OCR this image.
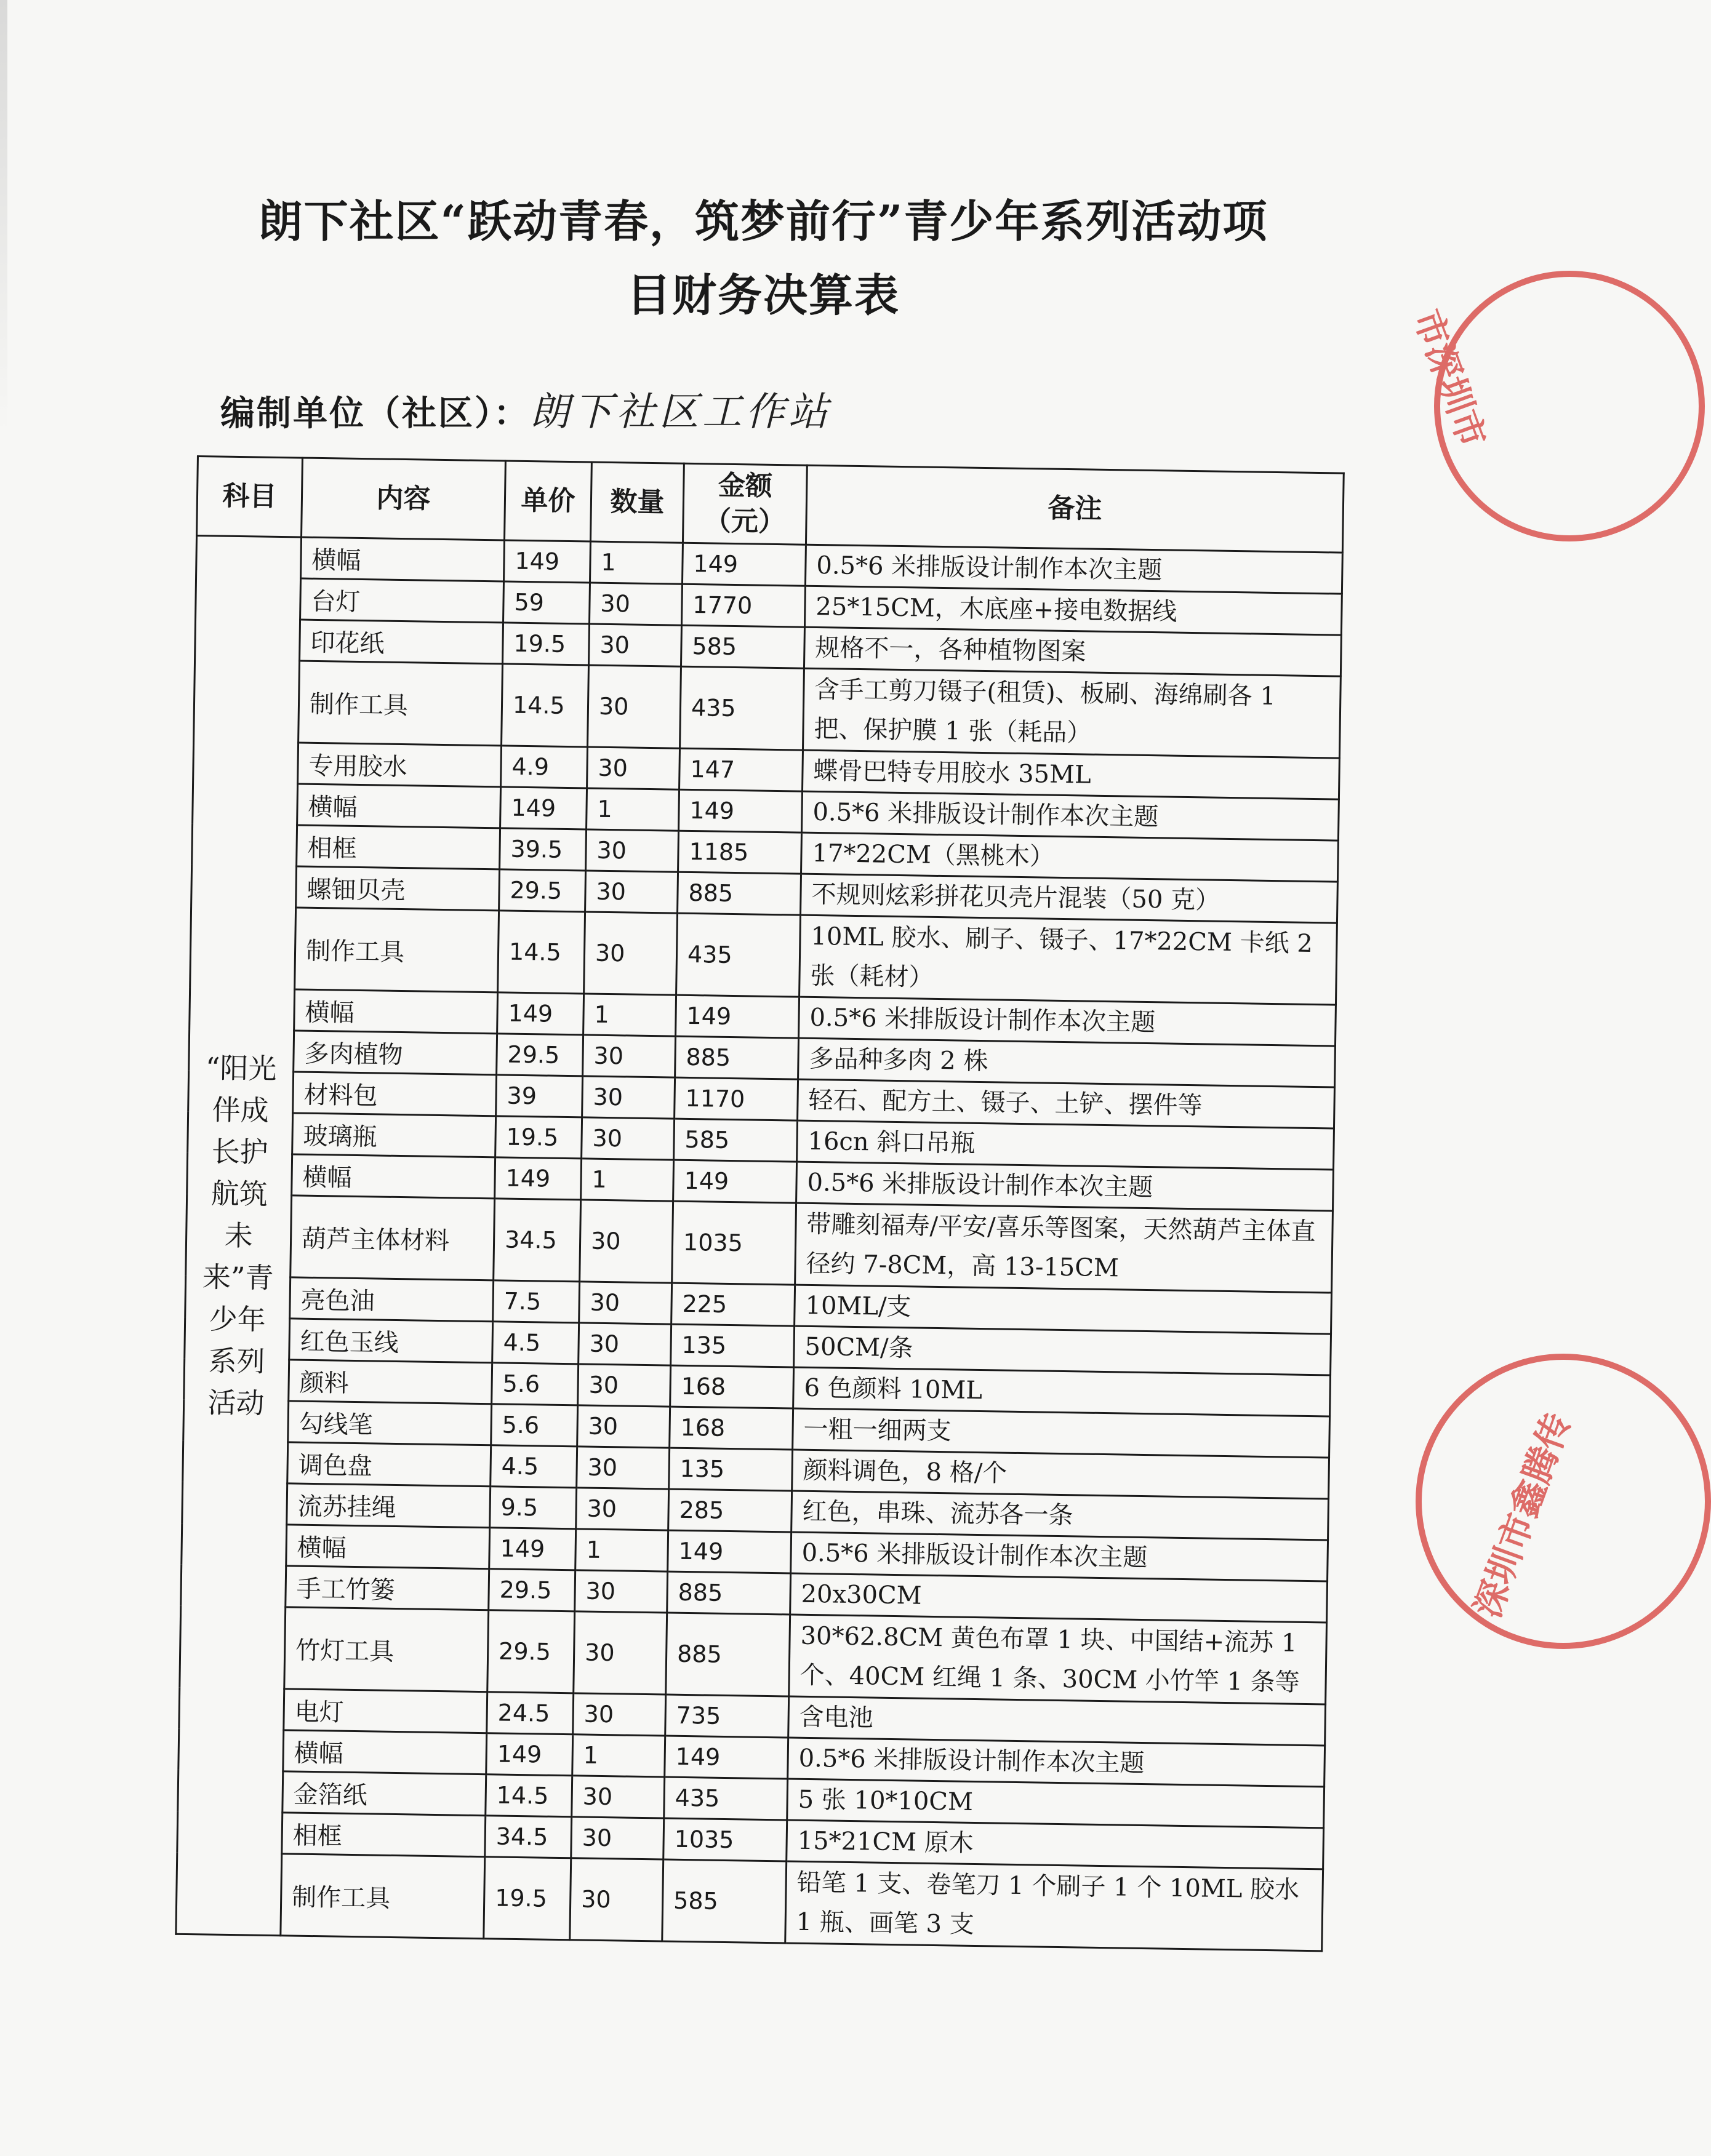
朗下社区“跃动青春，筑梦前行”青少年系列活动项
目财务决算表
编制单位（社区）：朗下社区工作站
科目	内容	单价	数量	金额（元）	备注
“阳光伴成长护航筑未来”青少年系列活动	横幅	149	1	149	0.5*6 米排版设计制作本次主题
	台灯	59	30	1770	25*15CM，木底座+接电数据线
	印花纸	19.5	30	585	规格不一，各种植物图案
	制作工具	14.5	30	435	含手工剪刀镊子(租赁)、板刷、海绵刷各 1 把、保护膜 1 张（耗品）
	专用胶水	4.9	30	147	蝶骨巴特专用胶水 35ML
	横幅	149	1	149	0.5*6 米排版设计制作本次主题
	相框	39.5	30	1185	17*22CM（黑桃木）
	螺钿贝壳	29.5	30	885	不规则炫彩拼花贝壳片混装（50 克）
	制作工具	14.5	30	435	10ML 胶水、刷子、镊子、17*22CM 卡纸 2 张（耗材）
	横幅	149	1	149	0.5*6 米排版设计制作本次主题
	多肉植物	29.5	30	885	多品种多肉 2 株
	材料包	39	30	1170	轻石、配方土、镊子、土铲、摆件等
	玻璃瓶	19.5	30	585	16cn 斜口吊瓶
	横幅	149	1	149	0.5*6 米排版设计制作本次主题
	葫芦主体材料	34.5	30	1035	带雕刻福寿/平安/喜乐等图案，天然葫芦主体直径约 7-8CM，高 13-15CM
	亮色油	7.5	30	225	10ML/支
	红色玉线	4.5	30	135	50CM/条
	颜料	5.6	30	168	6 色颜料 10ML
	勾线笔	5.6	30	168	一粗一细两支
	调色盘	4.5	30	135	颜料调色，8 格/个
	流苏挂绳	9.5	30	285	红色，串珠、流苏各一条
	横幅	149	1	149	0.5*6 米排版设计制作本次主题
	手工竹篓	29.5	30	885	20x30CM
	竹灯工具	29.5	30	885	30*62.8CM 黄色布罩 1 块、中国结+流苏 1 个、40CM 红绳 1 条、30CM 小竹竿 1 条等
	电灯	24.5	30	735	含电池
	横幅	149	1	149	0.5*6 米排版设计制作本次主题
	金箔纸	14.5	30	435	5 张 10*10CM
	相框	34.5	30	1035	15*21CM 原木
	制作工具	19.5	30	585	铅笔 1 支、卷笔刀 1 个刷子 1 个 10ML 胶水 1 瓶、画笔 3 支
市深圳市
深圳市鑫腾传
